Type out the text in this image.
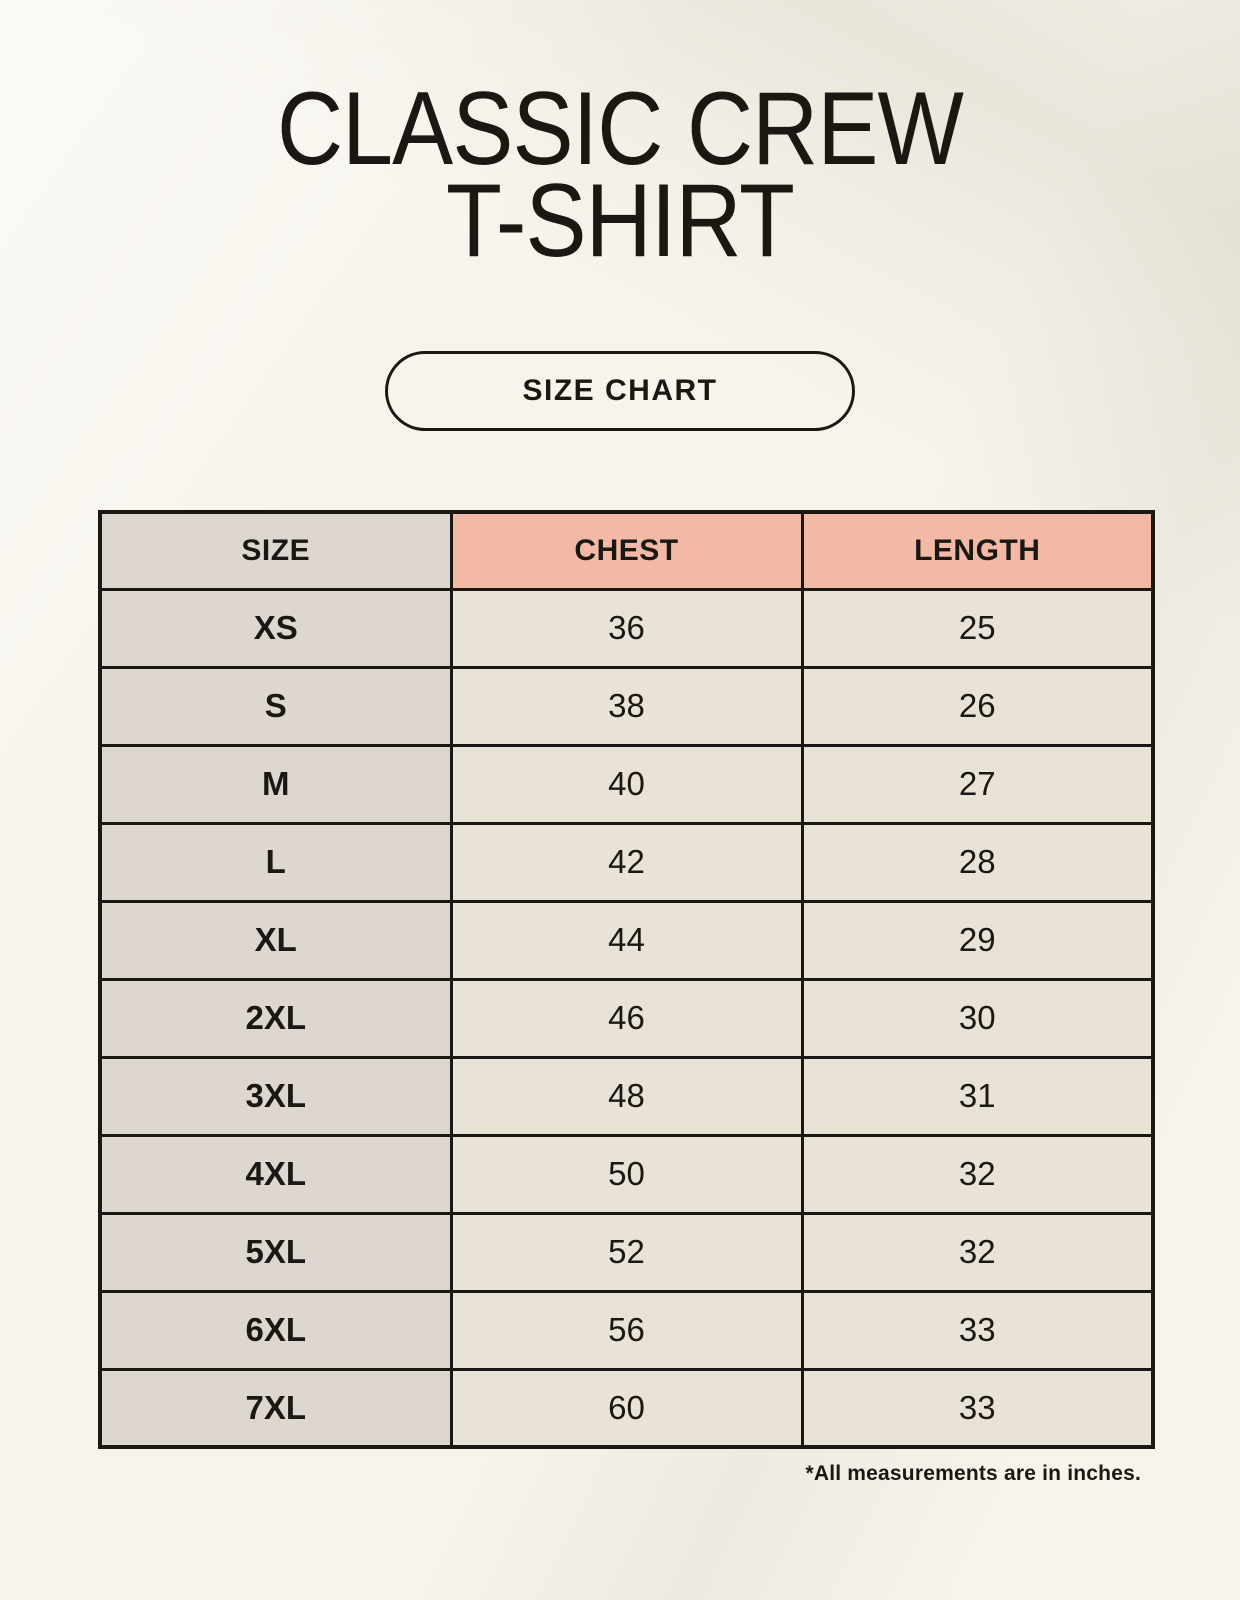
CLASSIC CREW
T-SHIRT
SIZE CHART
SIZE	CHEST	LENGTH
XS	36	25
S	38	26
M	40	27
L	42	28
XL	44	29
2XL	46	30
3XL	48	31
4XL	50	32
5XL	52	32
6XL	56	33
7XL	60	33
*All measurements are in inches.
